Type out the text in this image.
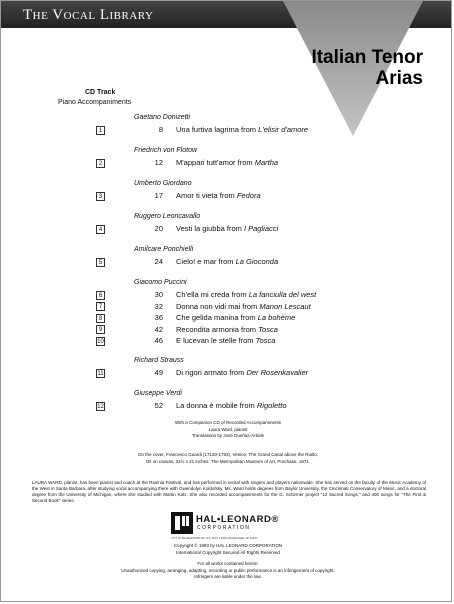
The Vocal Library
Italian Tenor
Arias
CD Track
Piano Accompaniments
Gaetano Donizetti
1	8 Una furtiva lagrima from L'elisir d'amore
Friedrich von Flotow
2	12 M'appari tutt'amor from Martha
Umberto Giordano
3	17 Amor ti vieta from Fedora
Ruggero Leoncavallo
4	20 Vesti la giubba from I Pagliacci
Amilcare Ponchielli
5	24 Cielo! e mar from La Gioconda
Giacomo Puccini
6	30 Ch'ella mi creda from La fanciulla del west
7	32 Donna non vidi mai from Manon Lescaut
8	36 Che gelida manina from La bohème
9	42 Recondita armonia from Tosca
10	46 E lucevan le stelle from Tosca
Richard Strauss
11	49 Di rigori armato from Der Rosenkavalier
Giuseppe Verdi
12	52 La donna è mobile from Rigoletto
With a Companion CD of Recorded Accompaniments
Laura Ward, pianist
Translations by José Dueñas-Arbide
On the cover, Francesco Guardi (17120-1793), Venice: The Grand Canal above the Rialto,
Oil on canvas, 33½ x 21 inches. The Metropolitan Museum of Art, Purchase, 1871.
LAURA WARD, pianist, has been pianist and coach at the Ravinia Festival, and has performed in recital with singers and players nationwide. She has served on the faculty of the Music Academy of the West in Santa Barbara, after studying vocal accompanying there with Gwendolyn Koldofsky. Ms. Ward holds degrees from Baylor University, the Cincinnati Conservatory of Music, and a doctoral degree from the University of Michigan, where she studied with Martin Katz. She also recorded accompaniments for the G. Schirmer project "12 Sacred Songs," and 400 songs for "The First & Second Book" series.
HAL•LEONARD®
CORPORATION
7777 W. BLUEMOUND RD. P.O. BOX 13819 MILWAUKEE, WI 53213
Copyright © 1993 by HAL LEONARD CORPORATION
International Copyright Secured All Rights Reserved
For all works contained herein:
Unauthorized copying, arranging, adapting, recording or public performance is an infringement of copyright.
Infringers are liable under the law.
